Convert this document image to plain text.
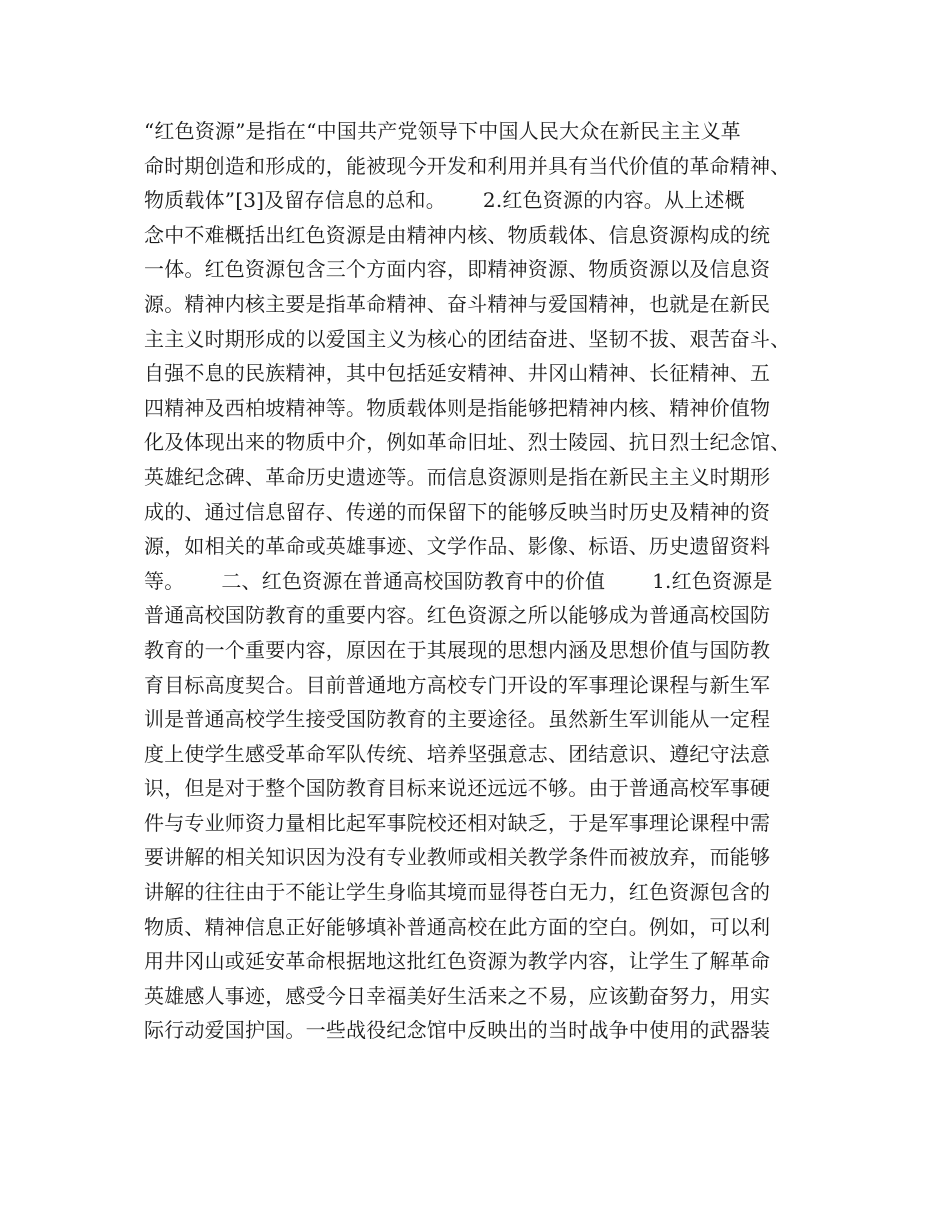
“红色资源”是指在“中国共产党领导下中国人民大众在新民主主义革
命时期创造和形成的，能被现今开发和利用并具有当代价值的革命精神、
物质载体”[3]及留存信息的总和。　　 2.红色资源的内容。从上述概
念中不难概括出红色资源是由精神内核、物质载体、信息资源构成的统
一体。红色资源包含三个方面内容，即精神资源、物质资源以及信息资
源。精神内核主要是指革命精神、奋斗精神与爱国精神，也就是在新民
主主义时期形成的以爱国主义为核心的团结奋进、坚韧不拔、艰苦奋斗、
自强不息的民族精神，其中包括延安精神、井冈山精神、长征精神、五
四精神及西柏坡精神等。物质载体则是指能够把精神内核、精神价值物
化及体现出来的物质中介，例如革命旧址、烈士陵园、抗日烈士纪念馆、
英雄纪念碑、革命历史遗迹等。而信息资源则是指在新民主主义时期形
成的、通过信息留存、传递的而保留下的能够反映当时历史及精神的资
源，如相关的革命或英雄事迹、文学作品、影像、标语、历史遗留资料
等。　　 二、红色资源在普通高校国防教育中的价值　　 1.红色资源是
普通高校国防教育的重要内容。红色资源之所以能够成为普通高校国防
教育的一个重要内容，原因在于其展现的思想内涵及思想价值与国防教
育目标高度契合。目前普通地方高校专门开设的军事理论课程与新生军
训是普通高校学生接受国防教育的主要途径。虽然新生军训能从一定程
度上使学生感受革命军队传统、培养坚强意志、团结意识、遵纪守法意
识，但是对于整个国防教育目标来说还远远不够。由于普通高校军事硬
件与专业师资力量相比起军事院校还相对缺乏，于是军事理论课程中需
要讲解的相关知识因为没有专业教师或相关教学条件而被放弃，而能够
讲解的往往由于不能让学生身临其境而显得苍白无力，红色资源包含的
物质、精神信息正好能够填补普通高校在此方面的空白。例如，可以利
用井冈山或延安革命根据地这批红色资源为教学内容，让学生了解革命
英雄感人事迹，感受今日幸福美好生活来之不易，应该勤奋努力，用实
际行动爱国护国。一些战役纪念馆中反映出的当时战争中使用的武器装
